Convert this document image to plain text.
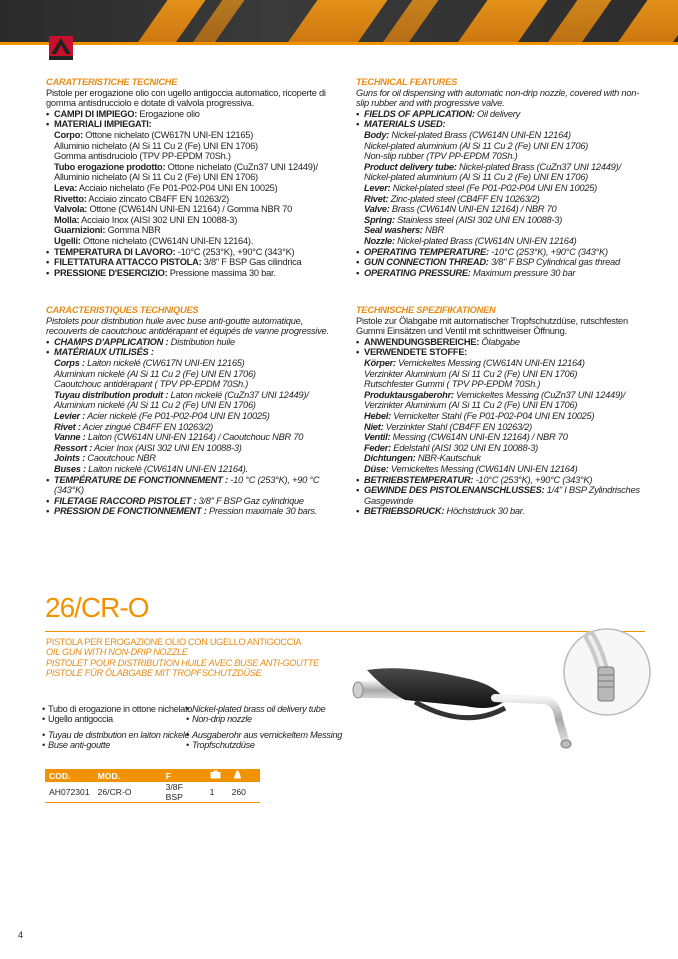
CARATTERISTICHE TECNICHE

Pistole per erogazione olio con ugello antigoccia automatico, ricoperte di gomma antisdrucciolo e dotate di valvola progressiva.

• CAMPI DI IMPIEGO: Erogazione olio
• MATERIALI IMPIEGATI:
Corpo: Ottone nichelato (CW617N UNI-EN 12165)
Alluminio nichelato (Al Si 11 Cu 2 (Fe) UNI EN 1706)
Gomma antisdruciolo (TPV PP-EPDM 70Sh.)
Tubo erogazione prodotto: Ottone nichelato (CuZn37 UNI 12449)/
Alluminio nichelato (Al Si 11 Cu 2 (Fe) UNI EN 1706)
Leva: Acciaio nichelato (Fe P01-P02-P04 UNI EN 10025)
Rivetto: Acciaio zincato CB4FF EN 10263/2)
Valvola: Ottone (CW614N UNI-EN 12164) / Gomma NBR 70
Molla: Acciaio Inox (AISI 302 UNI EN 10088-3)
Guarnizioni: Gomma NBR
Ugelli: Ottone nichelato (CW614N UNI-EN 12164).
• TEMPERATURA DI LAVORO: -10°C (253°K), +90°C (343°K)
• FILETTATURA ATTACCO PISTOLA: 3/8" F BSP Gas cilindrica
• PRESSIONE D'ESERCIZIO: Pressione massima 30 bar.
TECHNICAL FEATURES

Guns for oil dispensing with automatic non-drip nozzle, covered with non-slip rubber and with progressive valve.

• FIELDS OF APPLICATION: Oil delivery
• MATERIALS USED:
Body: Nickel-plated Brass (CW614N UNI-EN 12164)
Nickel-plated aluminium (Al Si 11 Cu 2 (Fe) UNI EN 1706)
Non-slip rubber (TPV PP-EPDM 70Sh.)
Product delivery tube: Nickel-plated Brass (CuZn37 UNI 12449)/
Nickel-plated aluminium (Al Si 11 Cu 2 (Fe) UNI EN 1706)
Lever: Nickel-plated steel (Fe P01-P02-P04 UNI EN 10025)
Rivet: Zinc-plated steel (CB4FF EN 10263/2)
Valve: Brass (CW614N UNI-EN 12164) / NBR 70
Spring: Stainless steel (AISI 302 UNI EN 10088-3)
Seal washers: NBR
Nozzle: Nickel-plated Brass (CW614N UNI-EN 12164)
• OPERATING TEMPERATURE: -10°C (253°K), +90°C (343°K)
• GUN CONNECTION THREAD: 3/8" F BSP Cylindrical gas thread
• OPERATING PRESSURE: Maximum pressure 30 bar
CARACTERISTIQUES TECHNIQUES

Pistolets pour distribution huile avec buse anti-goutte automatique, recouverts de caoutchouc antidérapant et équipés de vanne progressive.

• CHAMPS D'APPLICATION : Distribution huile
• MATÉRIAUX UTILISÉS :
Corps : Laiton nickelé (CW617N UNI-EN 12165)
Aluminium nickelé (Al Si 11 Cu 2 (Fe) UNI EN 1706)
Caoutchouc antidérapant ( TPV PP-EPDM 70Sh.)
Tuyau distribution produit : Laton nickelé (CuZn37 UNI 12449)/
Aluminium nickelé (Al Si 11 Cu 2 (Fe) UNI EN 1706)
Levier : Acier nickelé (Fe P01-P02-P04 UNI EN 10025)
Rivet : Acier zingué CB4FF EN 10263/2)
Vanne : Laiton (CW614N UNI-EN 12164) / Caoutchouc NBR 70
Ressort : Acier Inox (AISI 302 UNI EN 10088-3)
Joints : Caoutchouc NBR
Buses : Laiton nickelé (CW614N UNI-EN 12164).
• TEMPÉRATURE DE FONCTIONNEMENT : -10 °C (253°K), +90 °C (343°K)
• FILETAGE RACCORD PISTOLET : 3/8" F BSP Gaz cylindrique
• PRESSION DE FONCTIONNEMENT : Pression maximale 30 bars.
TECHNISCHE SPEZIFIKATIONEN

Pistole zur Ölabgabe mit automatischer Tropfschutzdüse, rutschfesten Gummi Einsätzen und Ventil mit schrittweiser Öffnung.

• ANWENDUNGSBEREICHE: Ölabgabe
• VERWENDETE STOFFE:
Körper: Vernickeltes Messing (CW614N UNI-EN 12164)
Verzinkter Aluminium (Al Si 11 Cu 2 (Fe) UNI EN 1706)
Rutschfester Gummi ( TPV PP-EPDM 70Sh.)
Produktausgaberohr: Vernickeltes Messing (CuZn37 UNI 12449)/
Verzinkter Aluminium (Al Si 11 Cu 2 (Fe) UNI EN 1706)
Hebel: Vernickelter Stahl (Fe P01-P02-P04 UNI EN 10025)
Niet: Verzinkter Stahl (CB4FF EN 10263/2)
Ventil: Messing (CW614N UNI-EN 12164) / NBR 70
Feder: Edelstahl (AISI 302 UNI EN 10088-3)
Dichtungen: NBR-Kautschuk
Düse: Vernickeltes Messing (CW614N UNI-EN 12164)
• BETRIEBSTEMPERATUR: -10°C (253°K), +90°C (343°K)
• GEWINDE DES PISTOLENANSCHLUSSES: 1/4" I BSP Zylindrisches Gasgewinde
• BETRIEBSDRUCK: Höchstdruck 30 bar.
26/CR-O
PISTOLA PER EROGAZIONE OLIO CON UGELLO ANTIGOCCIA
OIL GUN WITH NON-DRIP NOZZLE
PISTOLET POUR DISTRIBUTION HUILE AVEC BUSE ANTI-GOUTTE
PISTOLE FÜR ÖLABGABE MIT TROPFSCHUTZDÜSE
• Tubo di erogazione in ottone nichelato
• Ugello antigoccia
• Tuyau de distribution en laiton nickelé
• Buse anti-goutte
• Nickel-plated brass oil delivery tube
• Non-drip nozzle
• Ausgaberohr aus vernickeltem Messing
• Tropfschutzdüse
COD.	MOD.	F		
AH072301	26/CR-O	3/8F BSP	1	260
4
